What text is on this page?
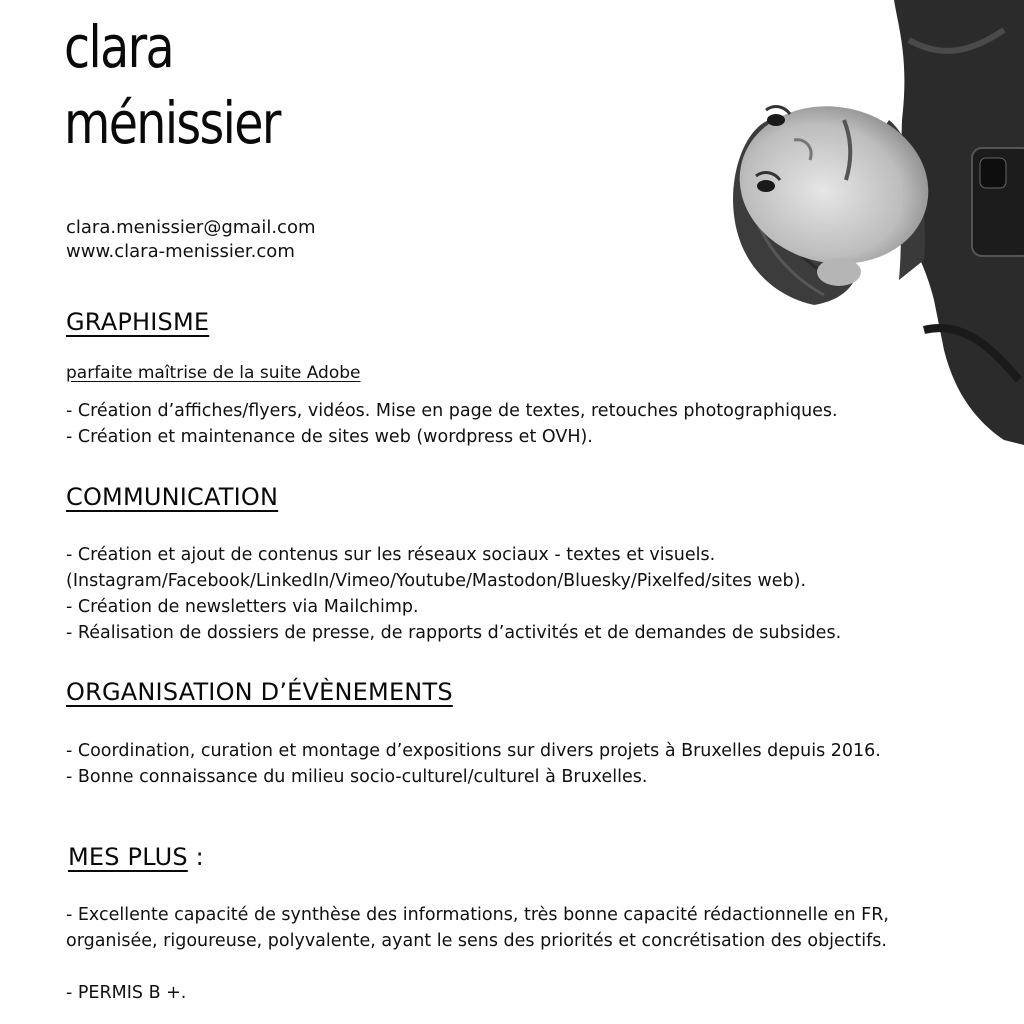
clara
ménissier
clara.menissier@gmail.com
www.clara-menissier.com
GRAPHISME
parfaite maîtrise de la suite Adobe
- Création d’affiches/flyers, vidéos. Mise en page de textes, retouches photographiques.
- Création et maintenance de sites web (wordpress et OVH).
COMMUNICATION
- Création et ajout de contenus sur les réseaux sociaux - textes et visuels.
(Instagram/Facebook/LinkedIn/Vimeo/Youtube/Mastodon/Bluesky/Pixelfed/sites web).
- Création de newsletters via Mailchimp.
- Réalisation de dossiers de presse, de rapports d’activités et de demandes de subsides.
ORGANISATION D’ÉVÈNEMENTS
- Coordination, curation et montage d’expositions sur divers projets à Bruxelles depuis 2016.
- Bonne connaissance du milieu socio-culturel/culturel à Bruxelles.
MES PLUS :
- Excellente capacité de synthèse des informations, très bonne capacité rédactionnelle en FR,
organisée, rigoureuse, polyvalente, ayant le sens des priorités et concrétisation des objectifs.
- PERMIS B +.
